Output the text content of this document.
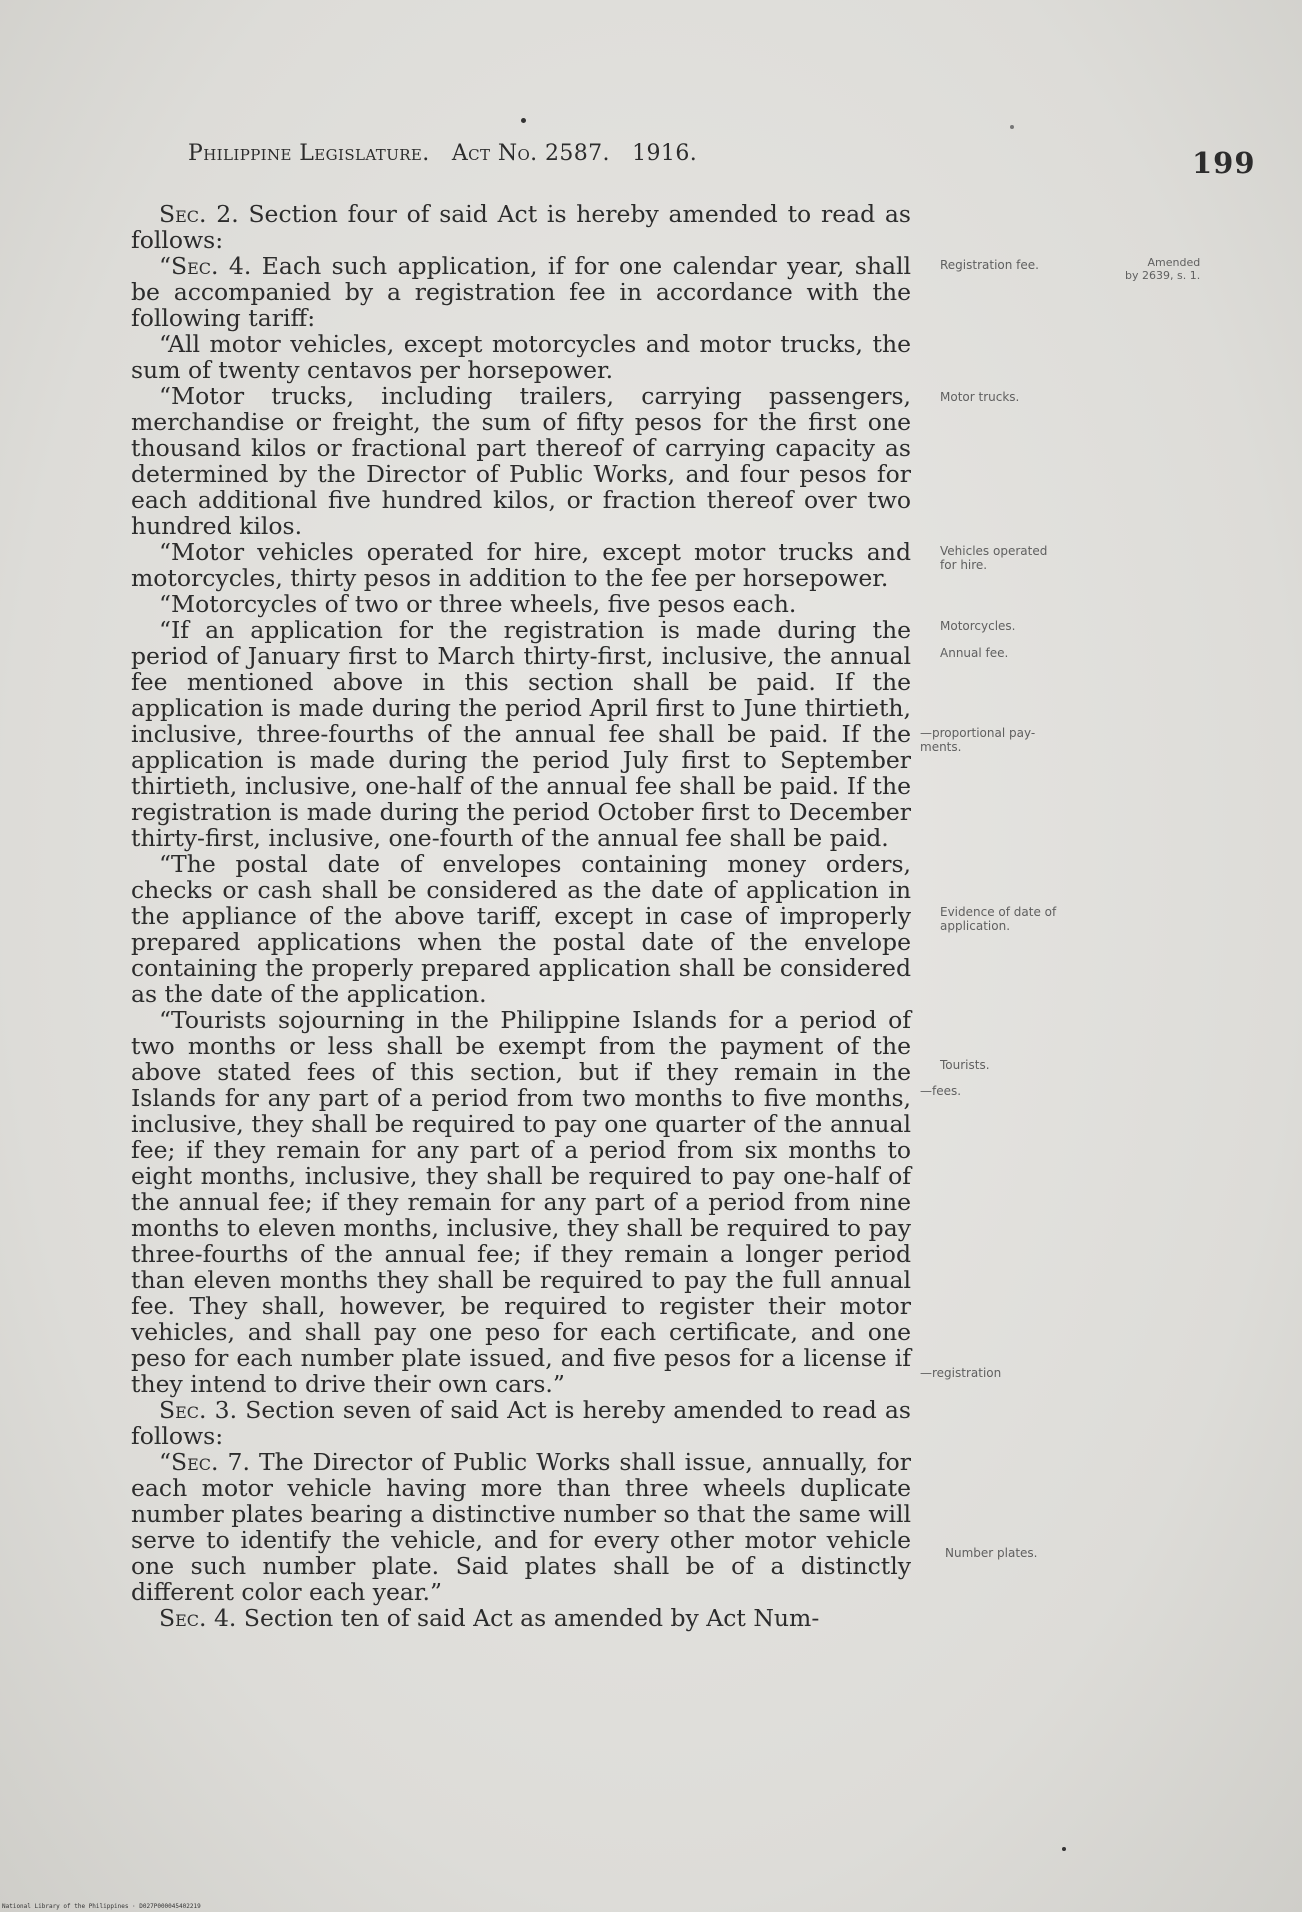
Philippine Legislature. Act No. 2587. 1916.	199

Sec. 2. Section four of said Act is hereby amended to read as follows:

“Sec. 4. Each such application, if for one calendar year, shall be accompanied by a registration fee in accordance with the following tariff:

“All motor vehicles, except motorcycles and motor trucks, the sum of twenty centavos per horsepower.

“Motor trucks, including trailers, carrying passengers, merchandise or freight, the sum of fifty pesos for the first one thousand kilos or fractional part thereof of carrying capacity as determined by the Director of Public Works, and four pesos for each additional five hundred kilos, or fraction thereof over two hundred kilos.

“Motor vehicles operated for hire, except motor trucks and motorcycles, thirty pesos in addition to the fee per horsepower.

“Motorcycles of two or three wheels, five pesos each.

“If an application for the registration is made during the period of January first to March thirty-first, inclusive, the annual fee mentioned above in this section shall be paid. If the application is made during the period April first to June thirtieth, inclusive, three-fourths of the annual fee shall be paid. If the application is made during the period July first to September thirtieth, inclusive, one-half of the annual fee shall be paid. If the registration is made during the period October first to December thirty-first, inclusive, one-fourth of the annual fee shall be paid.

“The postal date of envelopes containing money orders, checks or cash shall be considered as the date of application in the appliance of the above tariff, except in case of improperly prepared applications when the postal date of the envelope containing the properly prepared application shall be considered as the date of the application.

“Tourists sojourning in the Philippine Islands for a period of two months or less shall be exempt from the payment of the above stated fees of this section, but if they remain in the Islands for any part of a period from two months to five months, inclusive, they shall be required to pay one quarter of the annual fee; if they remain for any part of a period from six months to eight months, inclusive, they shall be required to pay one-half of the annual fee; if they remain for any part of a period from nine months to eleven months, inclusive, they shall be required to pay three-fourths of the annual fee; if they remain a longer period than eleven months they shall be required to pay the full annual fee. They shall, however, be required to register their motor vehicles, and shall pay one peso for each certificate, and one peso for each number plate issued, and five pesos for a license if they intend to drive their own cars.”

Sec. 3. Section seven of said Act is hereby amended to read as follows:

“Sec. 7. The Director of Public Works shall issue, annually, for each motor vehicle having more than three wheels duplicate number plates bearing a distinctive number so that the same will serve to identify the vehicle, and for every other motor vehicle one such number plate. Said plates shall be of a distinctly different color each year.”

Sec. 4. Section ten of said Act as amended by Act Num-

Registration fee.	Amended
by 2639, s. 1.
Motor trucks.
Vehicles operated
for hire.
Motorcycles.
Annual fee.
—proportional pay-
ments.
Evidence of date of
application.
Tourists.
—fees.
—registration
Number plates.
National Library of the Philippines · D027P000045402219
